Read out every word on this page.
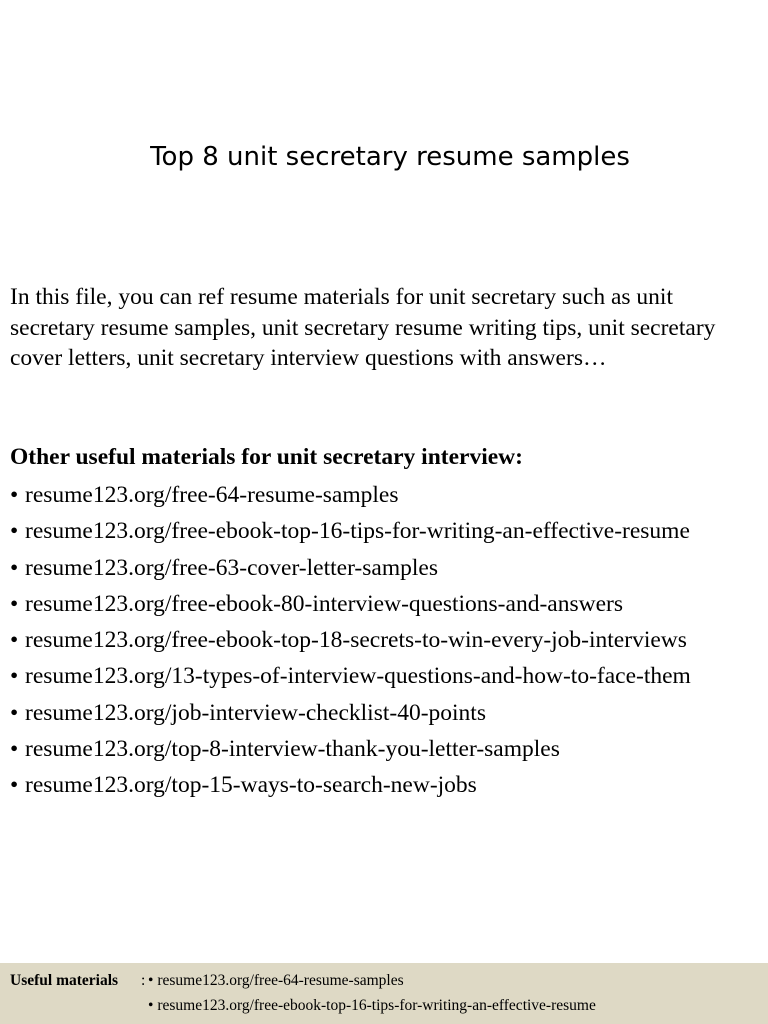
Top 8 unit secretary resume samples

In this file, you can ref resume materials for unit secretary such as unit secretary resume samples, unit secretary resume writing tips, unit secretary cover letters, unit secretary interview questions with answers…

Other useful materials for unit secretary interview:

• resume123.org/free-64-resume-samples
• resume123.org/free-ebook-top-16-tips-for-writing-an-effective-resume
• resume123.org/free-63-cover-letter-samples
• resume123.org/free-ebook-80-interview-questions-and-answers
• resume123.org/free-ebook-top-18-secrets-to-win-every-job-interviews
• resume123.org/13-types-of-interview-questions-and-how-to-face-them
• resume123.org/job-interview-checklist-40-points
• resume123.org/top-8-interview-thank-you-letter-samples
• resume123.org/top-15-ways-to-search-new-jobs
Useful materials : • resume123.org/free-64-resume-samples
• resume123.org/free-ebook-top-16-tips-for-writing-an-effective-resume
